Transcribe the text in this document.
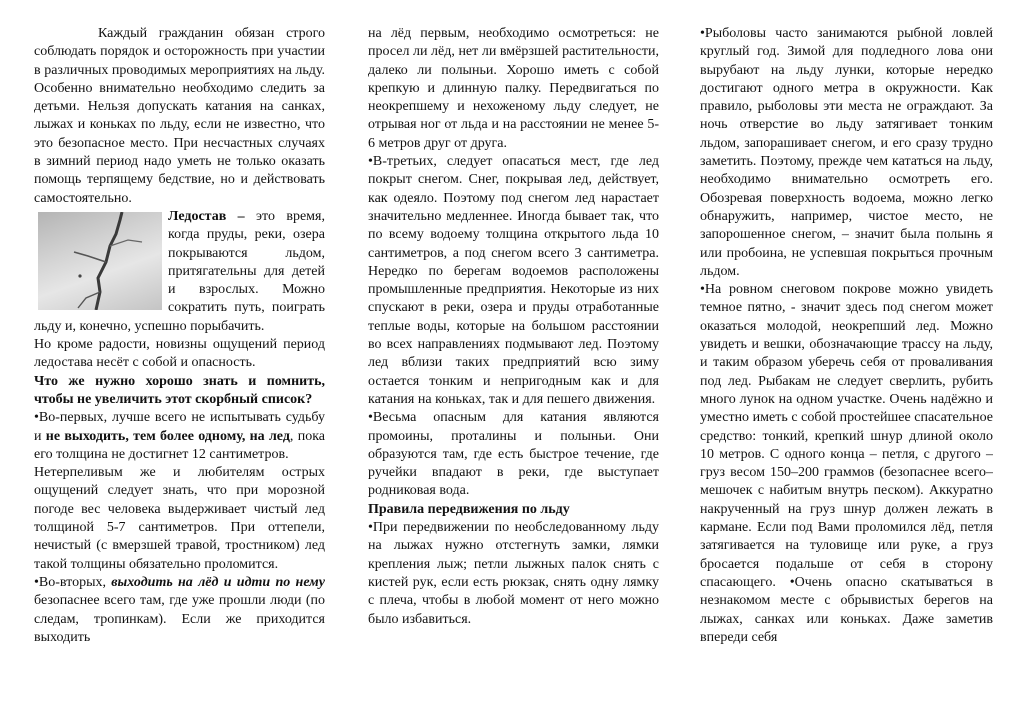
Каждый гражданин обязан строго соблюдать порядок и осторожность при участии в различных проводимых мероприятиях на льду. Особенно внимательно необходимо следить за детьми. Нельзя допускать катания на санках, лыжах и коньках по льду, если не известно, что это безопасное место. При несчастных случаях в зимний период надо уметь не только оказать помощь терпящему бедствие, но и действовать самостоятельно.

Ледостав – это время, когда пруды, реки, озера покрываются льдом, притягательны для детей и взрослых. Можно сократить путь, поиграть льду и, конечно, успешно порыбачить.

Но кроме радости, новизны ощущений период ледостава несёт с собой и опасность.

Что же нужно хорошо знать и помнить, чтобы не увеличить этот скорбный список?

•Во-первых, лучше всего не испытывать судьбу и не выходить, тем более одному, на лед, пока его толщина не достигнет 12 сантиметров.

Нетерпеливым же и любителям острых ощущений следует знать, что при морозной погоде вес человека выдерживает чистый лед толщиной 5-7 сантиметров. При оттепели, нечистый (с вмерзшей травой, тростником) лед такой толщины обязательно проломится.

•Во-вторых, выходить на лёд и идти по нему безопаснее всего там, где уже прошли люди (по следам, тропинкам). Если же приходится выходить

на лёд первым, необходимо осмотреться: не просел ли лёд, нет ли вмёрзшей растительности, далеко ли полыньи. Хорошо иметь с собой крепкую и длинную палку. Передвигаться по неокрепшему и нехоженому льду следует, не отрывая ног от льда и на расстоянии не менее 5-6 метров друг от друга.

•В-третьих, следует опасаться мест, где лед покрыт снегом. Снег, покрывая лед, действует, как одеяло. Поэтому под снегом лед нарастает значительно медленнее. Иногда бывает так, что по всему водоему толщина открытого льда 10 сантиметров, а под снегом всего 3 сантиметра. Нередко по берегам водоемов расположены промышленные предприятия. Некоторые из них спускают в реки, озера и пруды отработанные теплые воды, которые на большом расстоянии во всех направлениях подмывают лед. Поэтому лед вблизи таких предприятий всю зиму остается тонким и непригодным как и для катания на коньках, так и для пешего движения.

•Весьма опасным для катания являются промоины, проталины и полыньи. Они образуются там, где есть быстрое течение, где ручейки впадают в реки, где выступает родниковая вода.

Правила передвижения по льду

•При передвижении по необследованному льду на лыжах нужно отстегнуть замки, лямки крепления лыж; петли лыжных палок снять с кистей рук, если есть рюкзак, снять одну лямку с плеча, чтобы в любой момент от него можно было избавиться.

•Рыболовы часто занимаются рыбной ловлей круглый год. Зимой для подледного лова они вырубают на льду лунки, которые нередко достигают одного метра в окружности. Как правило, рыболовы эти места не ограждают. За ночь отверстие во льду затягивает тонким льдом, запорашивает снегом, и его сразу трудно заметить. Поэтому, прежде чем кататься на льду, необходимо внимательно осмотреть его. Обозревая поверхность водоема, можно легко обнаружить, например, чистое место, не запорошенное снегом, – значит была полынь я или пробоина, не успевшая покрыться прочным льдом.

•На ровном снеговом покрове можно увидеть темное пятно, - значит здесь под снегом может оказаться молодой, неокрепший лед. Можно увидеть и вешки, обозначающие трассу на льду, и таким образом уберечь себя от проваливания под лед. Рыбакам не следует сверлить, рубить много лунок на одном участке. Очень надёжно и уместно иметь с собой простейшее спасательное средство: тонкий, крепкий шнур длиной около 10 метров. С одного конца – петля, с другого – груз весом 150–200 граммов (безопаснее всего– мешочек с набитым внутрь песком). Аккуратно накрученный на груз шнур должен лежать в кармане. Если под Вами проломился лёд, петля затягивается на туловище или руке, а груз бросается подальше от себя в сторону спасающего. •Очень опасно скатываться в незнакомом месте с обрывистых берегов на лыжах, санках или коньках. Даже заметив впереди себя
